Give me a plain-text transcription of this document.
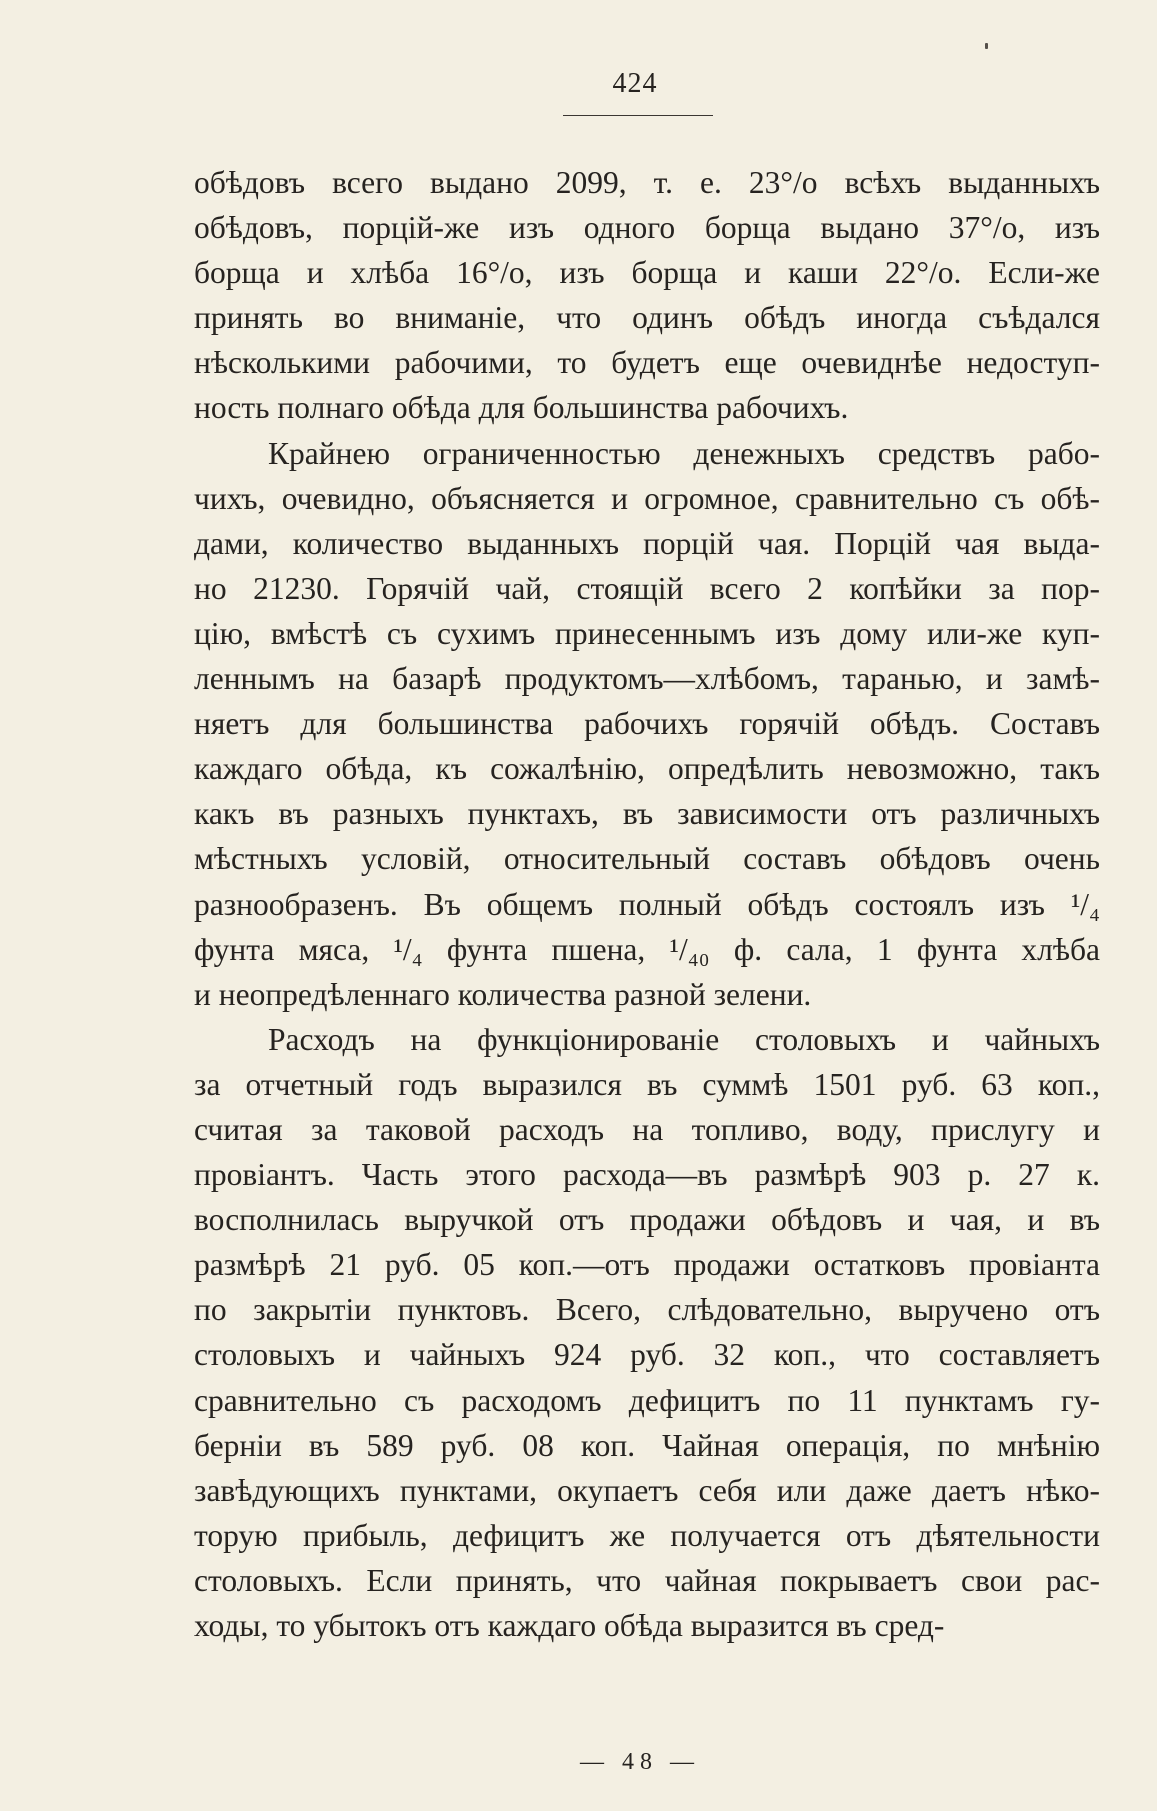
424
обѣдовъ всего выдано 2099, т. е. 23°/о всѣхъ выданныхъ
обѣдовъ, порцій-же изъ одного борща выдано 37°/о, изъ
борща и хлѣба 16°/о, изъ борща и каши 22°/о. Если-же
принять во вниманіе, что одинъ обѣдъ иногда съѣдался
нѣсколькими рабочими, то будетъ еще очевиднѣе недоступ-
ность полнаго обѣда для большинства рабочихъ.
Крайнею ограниченностью денежныхъ средствъ рабо-
чихъ, очевидно, объясняется и огромное, сравнительно съ обѣ-
дами, количество выданныхъ порцій чая. Порцій чая выда-
но 21230. Горячій чай, стоящій всего 2 копѣйки за пор-
цію, вмѣстѣ съ сухимъ принесеннымъ изъ дому или-же куп-
леннымъ на базарѣ продуктомъ—хлѣбомъ, таранью, и замѣ-
няетъ для большинства рабочихъ горячій обѣдъ. Составъ
каждаго обѣда, къ сожалѣнію, опредѣлить невозможно, такъ
какъ въ разныхъ пунктахъ, въ зависимости отъ различныхъ
мѣстныхъ условій, относительный составъ обѣдовъ очень
разнообразенъ. Въ общемъ полный обѣдъ состоялъ изъ ¹/₄
фунта мяса, ¹/₄ фунта пшена, ¹/₄₀ ф. сала, 1 фунта хлѣба
и неопредѣленнаго количества разной зелени.
Расходъ на функціонированіе столовыхъ и чайныхъ
за отчетный годъ выразился въ суммѣ 1501 руб. 63 коп.,
считая за таковой расходъ на топливо, воду, прислугу и
провіантъ. Часть этого расхода—въ размѣрѣ 903 р. 27 к.
восполнилась выручкой отъ продажи обѣдовъ и чая, и въ
размѣрѣ 21 руб. 05 коп.—отъ продажи остатковъ провіанта
по закрытіи пунктовъ. Всего, слѣдовательно, выручено отъ
столовыхъ и чайныхъ 924 руб. 32 коп., что составляетъ
сравнительно съ расходомъ дефицитъ по 11 пунктамъ гу-
берніи въ 589 руб. 08 коп. Чайная операція, по мнѣнію
завѣдующихъ пунктами, окупаетъ себя или даже даетъ нѣко-
торую прибыль, дефицитъ же получается отъ дѣятельности
столовыхъ. Если принять, что чайная покрываетъ свои рас-
ходы, то убытокъ отъ каждаго обѣда выразится въ сред-
— 48 —
